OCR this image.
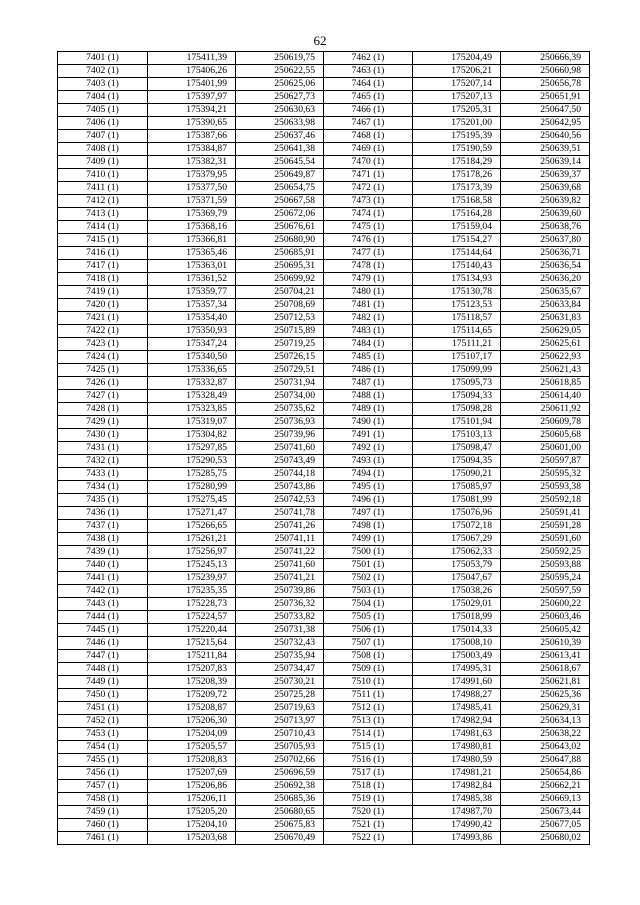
62
7401 (1)	175411,39	250619,75	7462 (1)	175204,49	250666,39
7402 (1)	175406,26	250622,55	7463 (1)	175206,21	250660,98
7403 (1)	175401,99	250625,06	7464 (1)	175207,14	250656,78
7404 (1)	175397,97	250627,73	7465 (1)	175207,13	250651,91
7405 (1)	175394,21	250630,63	7466 (1)	175205,31	250647,50
7406 (1)	175390,65	250633,98	7467 (1)	175201,00	250642,95
7407 (1)	175387,66	250637,46	7468 (1)	175195,39	250640,56
7408 (1)	175384,87	250641,38	7469 (1)	175190,59	250639,51
7409 (1)	175382,31	250645,54	7470 (1)	175184,29	250639,14
7410 (1)	175379,95	250649,87	7471 (1)	175178,26	250639,37
7411 (1)	175377,50	250654,75	7472 (1)	175173,39	250639,68
7412 (1)	175371,59	250667,58	7473 (1)	175168,58	250639,82
7413 (1)	175369,79	250672,06	7474 (1)	175164,28	250639,60
7414 (1)	175368,16	250676,61	7475 (1)	175159,04	250638,76
7415 (1)	175366,81	250680,90	7476 (1)	175154,27	250637,80
7416 (1)	175365,46	250685,91	7477 (1)	175144,64	250636,71
7417 (1)	175363,01	250695,31	7478 (1)	175140,43	250636,54
7418 (1)	175361,52	250699,92	7479 (1)	175134,93	250636,20
7419 (1)	175359,77	250704,21	7480 (1)	175130,78	250635,67
7420 (1)	175357,34	250708,69	7481 (1)	175123,53	250633,84
7421 (1)	175354,40	250712,53	7482 (1)	175118,57	250631,83
7422 (1)	175350,93	250715,89	7483 (1)	175114,65	250629,05
7423 (1)	175347,24	250719,25	7484 (1)	175111,21	250625,61
7424 (1)	175340,50	250726,15	7485 (1)	175107,17	250622,93
7425 (1)	175336,65	250729,51	7486 (1)	175099,99	250621,43
7426 (1)	175332,87	250731,94	7487 (1)	175095,73	250618,85
7427 (1)	175328,49	250734,00	7488 (1)	175094,33	250614,40
7428 (1)	175323,85	250735,62	7489 (1)	175098,28	250611,92
7429 (1)	175319,07	250736,93	7490 (1)	175101,94	250609,78
7430 (1)	175304,82	250739,96	7491 (1)	175103,13	250605,68
7431 (1)	175297,85	250741,60	7492 (1)	175098,47	250601,00
7432 (1)	175290,53	250743,49	7493 (1)	175094,35	250597,87
7433 (1)	175285,75	250744,18	7494 (1)	175090,21	250595,32
7434 (1)	175280,99	250743,86	7495 (1)	175085,97	250593,38
7435 (1)	175275,45	250742,53	7496 (1)	175081,99	250592,18
7436 (1)	175271,47	250741,78	7497 (1)	175076,96	250591,41
7437 (1)	175266,65	250741,26	7498 (1)	175072,18	250591,28
7438 (1)	175261,21	250741,11	7499 (1)	175067,29	250591,60
7439 (1)	175256,97	250741,22	7500 (1)	175062,33	250592,25
7440 (1)	175245,13	250741,60	7501 (1)	175053,79	250593,88
7441 (1)	175239,97	250741,21	7502 (1)	175047,67	250595,24
7442 (1)	175235,35	250739,86	7503 (1)	175038,26	250597,59
7443 (1)	175228,73	250736,32	7504 (1)	175029,01	250600,22
7444 (1)	175224,57	250733,82	7505 (1)	175018,99	250603,46
7445 (1)	175220,44	250731,38	7506 (1)	175014,33	250605,42
7446 (1)	175215,64	250732,43	7507 (1)	175008,10	250610,39
7447 (1)	175211,84	250735,94	7508 (1)	175003,49	250613,41
7448 (1)	175207,83	250734,47	7509 (1)	174995,31	250618,67
7449 (1)	175208,39	250730,21	7510 (1)	174991,60	250621,81
7450 (1)	175209,72	250725,28	7511 (1)	174988,27	250625,36
7451 (1)	175208,87	250719,63	7512 (1)	174985,41	250629,31
7452 (1)	175206,30	250713,97	7513 (1)	174982,94	250634,13
7453 (1)	175204,09	250710,43	7514 (1)	174981,63	250638,22
7454 (1)	175205,57	250705,93	7515 (1)	174980,81	250643,02
7455 (1)	175208,83	250702,66	7516 (1)	174980,59	250647,88
7456 (1)	175207,69	250696,59	7517 (1)	174981,21	250654,86
7457 (1)	175206,86	250692,38	7518 (1)	174982,84	250662,21
7458 (1)	175206,11	250685,36	7519 (1)	174985,38	250669,13
7459 (1)	175205,20	250680,65	7520 (1)	174987,70	250673,44
7460 (1)	175204,10	250675,83	7521 (1)	174990,42	250677,05
7461 (1)	175203,68	250670,49	7522 (1)	174993,86	250680,02
